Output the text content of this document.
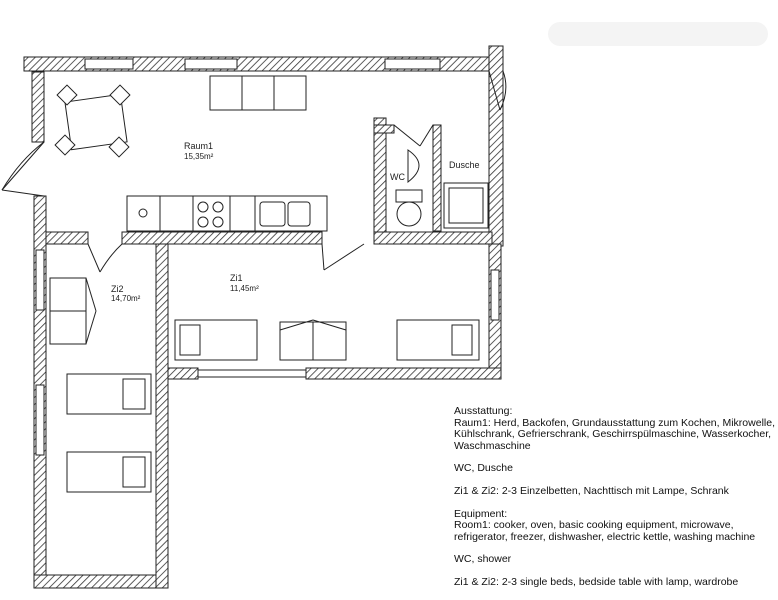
Raum1
15,35m²
WC
Dusche
Zi1
11,45m²
Zi2
14,70m²

Ausstattung:
Raum1: Herd, Backofen, Grundausstattung zum Kochen, Mikrowelle,
Kühlschrank, Gefrierschrank, Geschirrspülmaschine, Wasserkocher,
Waschmaschine

WC, Dusche

Zi1 & Zi2: 2-3 Einzelbetten, Nachttisch mit Lampe, Schrank

Equipment:
Room1: cooker, oven, basic cooking equipment, microwave,
refrigerator, freezer, dishwasher, electric kettle, washing machine

WC, shower

Zi1 & Zi2: 2-3 single beds, bedside table with lamp, wardrobe
